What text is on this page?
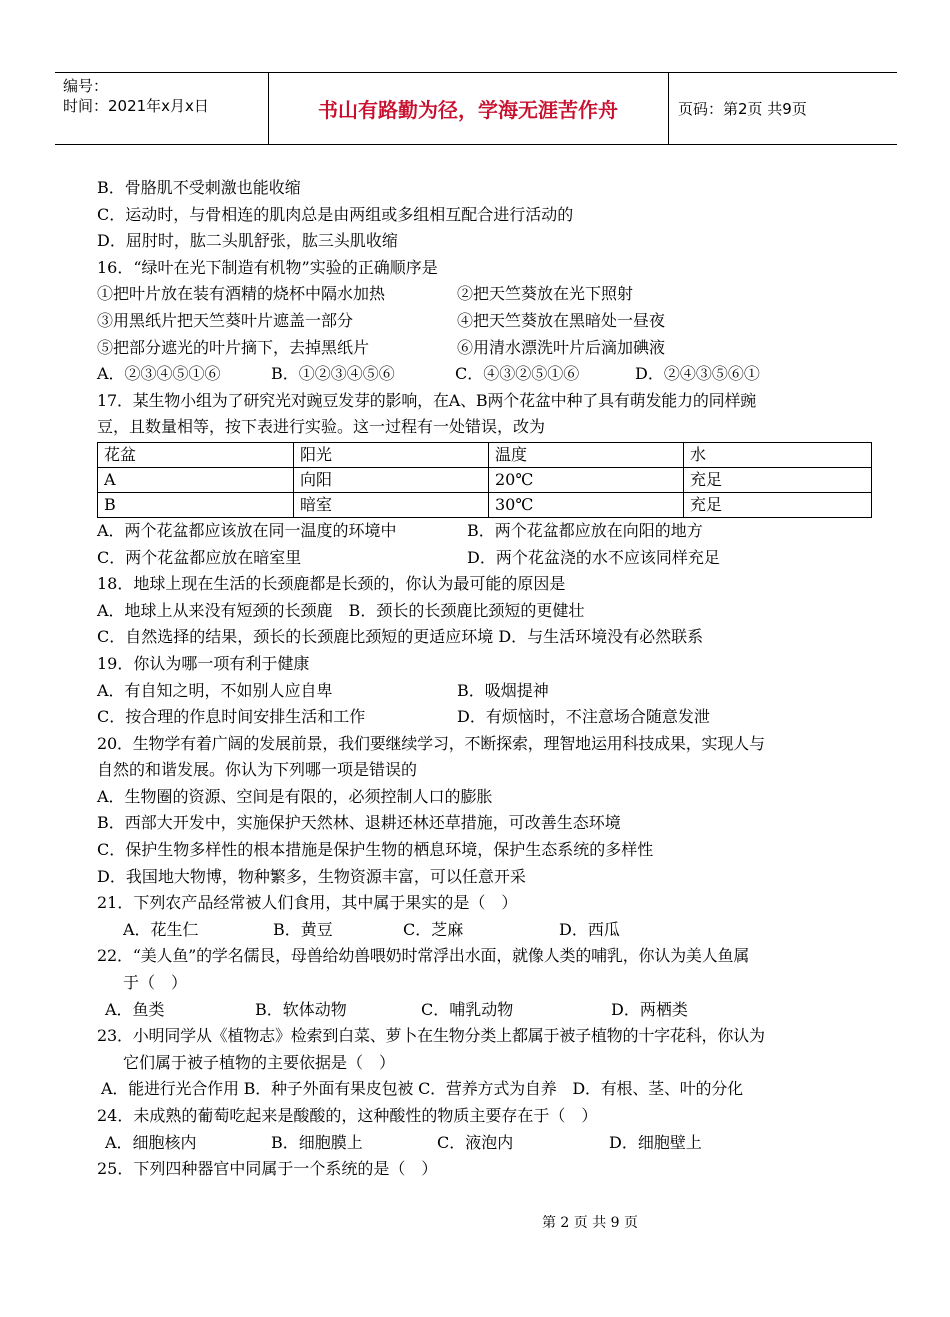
编号：
时间：2021年x月x日	书山有路勤为径，学海无涯苦作舟	页码：第2页 共9页
B．骨胳肌不受刺激也能收缩
C．运动时，与骨相连的肌肉总是由两组或多组相互配合进行活动的
D．屈肘时，肱二头肌舒张，肱三头肌收缩
16．“绿叶在光下制造有机物”实验的正确顺序是
①把叶片放在装有酒精的烧杯中隔水加热	②把天竺葵放在光下照射
③用黑纸片把天竺葵叶片遮盖一部分	④把天竺葵放在黑暗处一昼夜
⑤把部分遮光的叶片摘下，去掉黑纸片	⑥用清水漂洗叶片后滴加碘液
A．②③④⑤①⑥	B．①②③④⑤⑥	C．④③②⑤①⑥	D．②④③⑤⑥①
17．某生物小组为了研究光对豌豆发芽的影响，在A、B两个花盆中种了具有萌发能力的同样豌
豆，且数量相等，按下表进行实验。这一过程有一处错误，改为
花盆	阳光	温度	水
A	向阳	20℃	充足
B	暗室	30℃	充足
A．两个花盆都应该放在同一温度的环境中	B．两个花盆都应放在向阳的地方
C．两个花盆都应放在暗室里	D．两个花盆浇的水不应该同样充足
18．地球上现在生活的长颈鹿都是长颈的，你认为最可能的原因是
A．地球上从来没有短颈的长颈鹿　B．颈长的长颈鹿比颈短的更健壮
C．自然选择的结果，颈长的长颈鹿比颈短的更适应环境 D．与生活环境没有必然联系
19．你认为哪一项有利于健康
A．有自知之明，不如别人应自卑	B．吸烟提神
C．按合理的作息时间安排生活和工作	D．有烦恼时，不注意场合随意发泄
20．生物学有着广阔的发展前景，我们要继续学习，不断探索，理智地运用科技成果，实现人与
自然的和谐发展。你认为下列哪一项是错误的
A．生物圈的资源、空间是有限的，必须控制人口的膨胀
B．西部大开发中，实施保护天然林、退耕还林还草措施，可改善生态环境
C．保护生物多样性的根本措施是保护生物的栖息环境，保护生态系统的多样性
D．我国地大物博，物种繁多，生物资源丰富，可以任意开采
21．下列农产品经常被人们食用，其中属于果实的是（　）
A．花生仁	B．黄豆	C．芝麻	D．西瓜
22．“美人鱼”的学名儒艮，母兽给幼兽喂奶时常浮出水面，就像人类的哺乳，你认为美人鱼属
于（　）
A．鱼类	B．软体动物	C．哺乳动物	D．两栖类
23．小明同学从《植物志》检索到白菜、萝卜在生物分类上都属于被子植物的十字花科，你认为
它们属于被子植物的主要依据是（　）
A．能进行光合作用 B．种子外面有果皮包被 C．营养方式为自养　D．有根、茎、叶的分化
24．未成熟的葡萄吃起来是酸酸的，这种酸性的物质主要存在于（　）
A．细胞核内	B．细胞膜上	C．液泡内	D．细胞壁上
25．下列四种器官中同属于一个系统的是（　）
第 2 页 共 9 页
